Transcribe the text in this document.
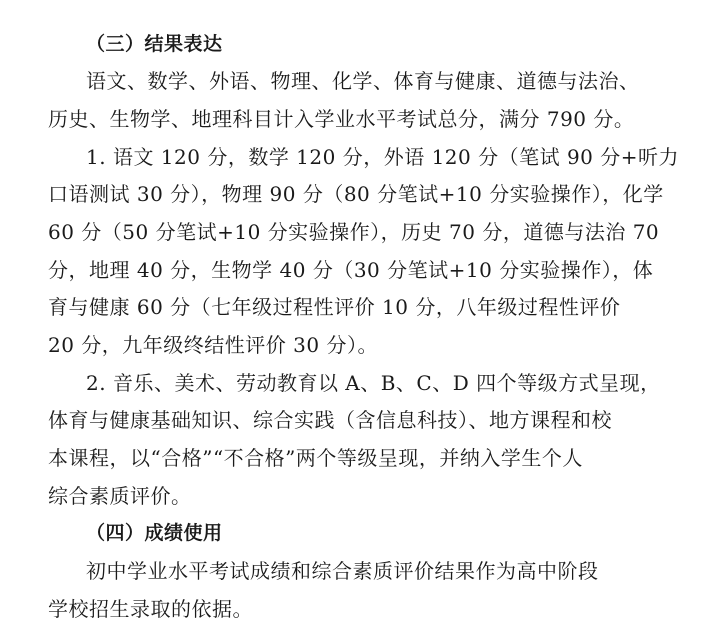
（三）结果表达
语文、数学、外语、物理、化学、体育与健康、道德与法治、
历史、生物学、地理科目计入学业水平考试总分，满分 790 分。
1. 语文 120 分，数学 120 分，外语 120 分（笔试 90 分+听力
口语测试 30 分），物理 90 分（80 分笔试+10 分实验操作），化学
60 分（50 分笔试+10 分实验操作），历史 70 分，道德与法治 70
分，地理 40 分，生物学 40 分（30 分笔试+10 分实验操作），体
育与健康 60 分（七年级过程性评价 10 分，八年级过程性评价
20 分，九年级终结性评价 30 分）。
2. 音乐、美术、劳动教育以 A、B、C、D 四个等级方式呈现，
体育与健康基础知识、综合实践（含信息科技）、地方课程和校
本课程，以“合格”“不合格”两个等级呈现，并纳入学生个人
综合素质评价。
（四）成绩使用
初中学业水平考试成绩和综合素质评价结果作为高中阶段
学校招生录取的依据。
